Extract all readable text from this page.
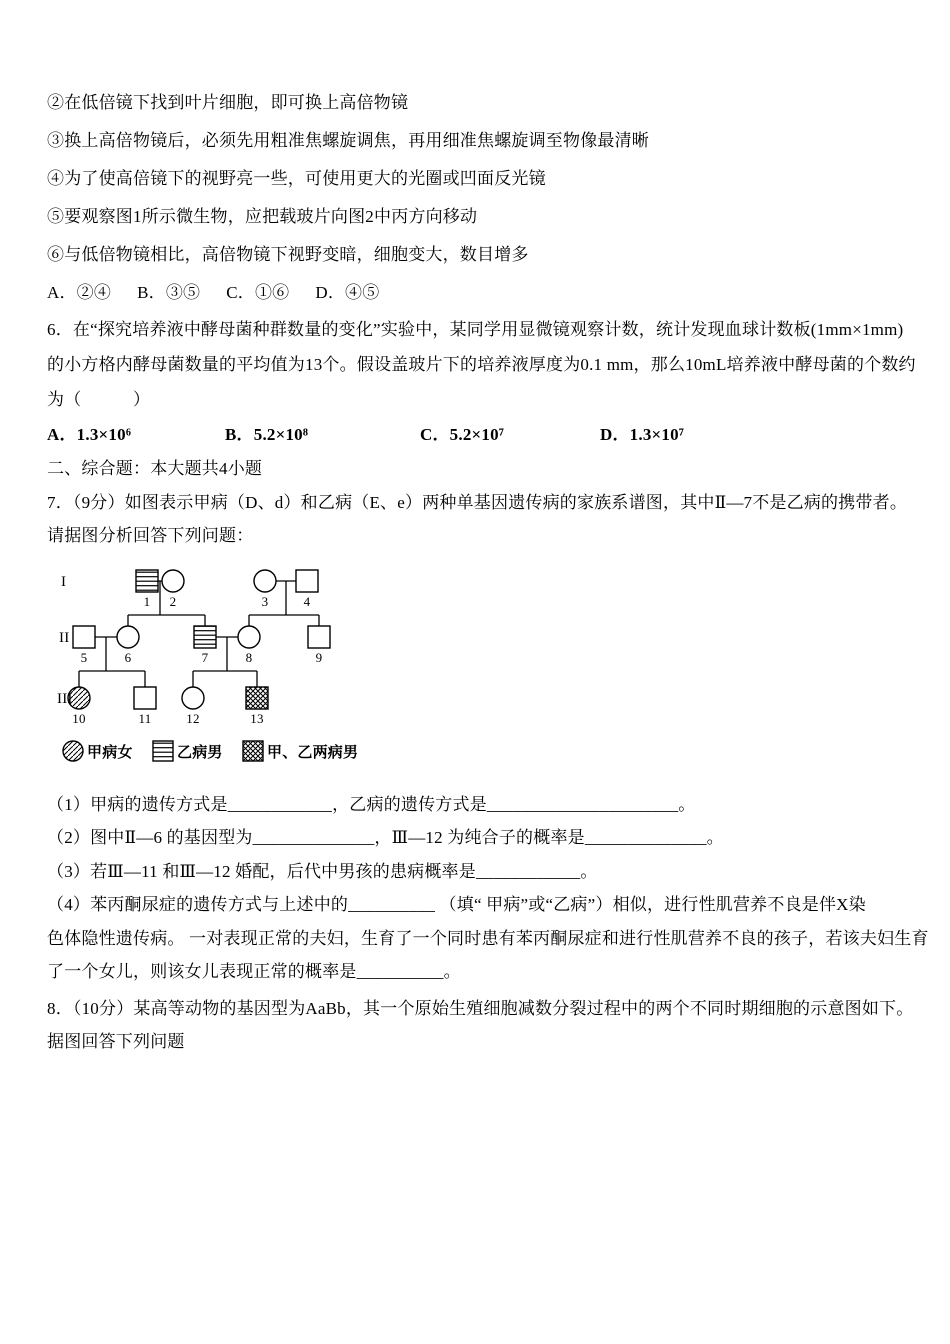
②在低倍镜下找到叶片细胞，即可换上高倍物镜
③换上高倍物镜后，必须先用粗准焦螺旋调焦，再用细准焦螺旋调至物像最清晰
④为了使高倍镜下的视野亮一些，可使用更大的光圈或凹面反光镜
⑤要观察图1所示微生物，应把载玻片向图2中丙方向移动
⑥与低倍物镜相比，高倍物镜下视野变暗，细胞变大，数目增多
A．②④ B．③⑤ C．①⑥ D．④⑤
6．在“探究培养液中酵母菌种群数量的变化”实验中，某同学用显微镜观察计数，统计发现血球计数板(1mm×1mm)
的小方格内酵母菌数量的平均值为13个。假设盖玻片下的培养液厚度为0.1 mm，那么10mL培养液中酵母菌的个数约
为（　　　）
A．1.3×10⁶	B．5.2×10⁸	C．5.2×10⁷	D．1.3×10⁷
二、综合题：本大题共4小题
7．（9分）如图表示甲病（D、d）和乙病（E、e）两种单基因遗传病的家族系谱图，其中Ⅱ—7不是乙病的携带者。
请据图分析回答下列问题：
I
II
III
1 2	3	4
5	6	7	8	9
10	11	12	13
甲病女	乙病男	甲、乙两病男
（1）甲病的遗传方式是____________，乙病的遗传方式是______________________。
（2）图中Ⅱ—6 的基因型为______________，Ⅲ—12 为纯合子的概率是______________。
（3）若Ⅲ—11 和Ⅲ—12 婚配，后代中男孩的患病概率是____________。
（4）苯丙酮尿症的遗传方式与上述中的__________ （填“ 甲病”或“乙病”）相似，进行性肌营养不良是伴X染
色体隐性遗传病。 一对表现正常的夫妇，生育了一个同时患有苯丙酮尿症和进行性肌营养不良的孩子，若该夫妇生育
了一个女儿，则该女儿表现正常的概率是__________。
8．（10分）某高等动物的基因型为AaBb，其一个原始生殖细胞减数分裂过程中的两个不同时期细胞的示意图如下。
据图回答下列问题
